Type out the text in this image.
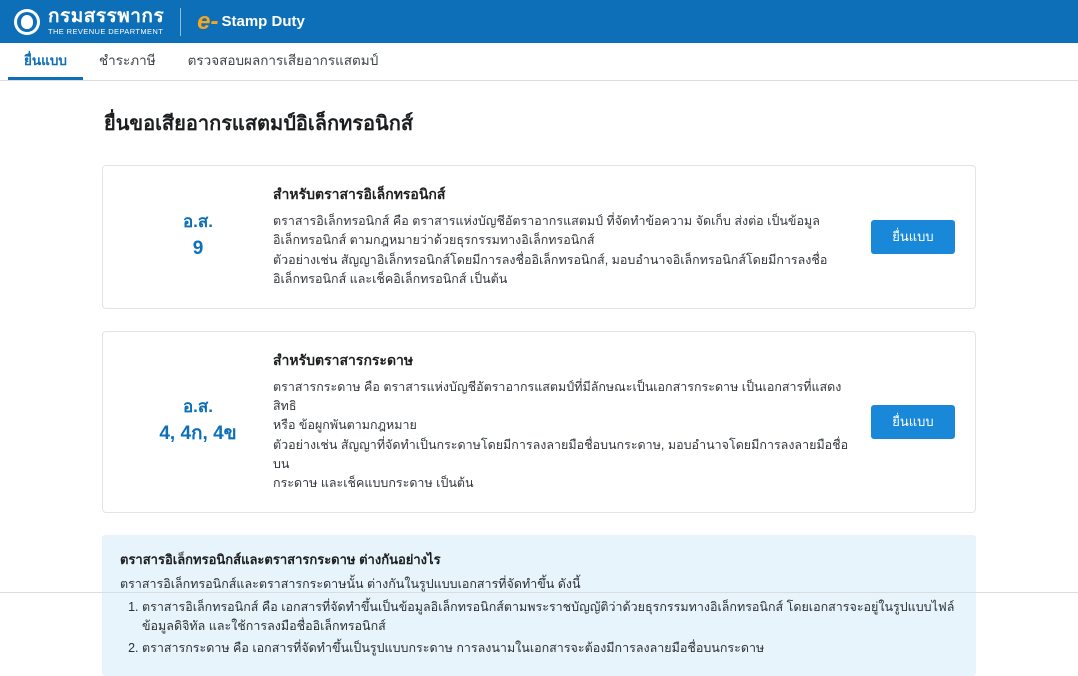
กรมสรรพากร
THE REVENUE DEPARTMENT e- Stamp Duty
ยื่นแบบ ชำระภาษี ตรวจสอบผลการเสียอากรแสตมป์
ยื่นขอเสียอากรแสตมป์อิเล็กทรอนิกส์
อ.ส.
9
สำหรับตราสารอิเล็กทรอนิกส์

ตราสารอิเล็กทรอนิกส์ คือ ตราสารแห่งบัญชีอัตราอากรแสตมป์ ที่จัดทำข้อความ จัดเก็บ ส่งต่อ เป็นข้อมูล

อิเล็กทรอนิกส์ ตามกฎหมายว่าด้วยธุรกรรมทางอิเล็กทรอนิกส์

ตัวอย่างเช่น สัญญาอิเล็กทรอนิกส์โดยมีการลงชื่ออิเล็กทรอนิกส์, มอบอำนาจอิเล็กทรอนิกส์โดยมีการลงชื่อ

อิเล็กทรอนิกส์ และเช็คอิเล็กทรอนิกส์ เป็นต้น

ยื่นแบบ
อ.ส.
4, 4ก, 4ข
สำหรับตราสารกระดาษ

ตราสารกระดาษ คือ ตราสารแห่งบัญชีอัตราอากรแสตมป์ที่มีลักษณะเป็นเอกสารกระดาษ เป็นเอกสารที่แสดงสิทธิ

หรือ ข้อผูกพันตามกฎหมาย

ตัวอย่างเช่น สัญญาที่จัดทำเป็นกระดาษโดยมีการลงลายมือชื่อบนกระดาษ, มอบอำนาจโดยมีการลงลายมือชื่อบน

กระดาษ และเช็คแบบกระดาษ เป็นต้น

ยื่นแบบ
ตราสารอิเล็กทรอนิกส์และตราสารกระดาษ ต่างกันอย่างไร
ตราสารอิเล็กทรอนิกส์และตราสารกระดาษนั้น ต่างกันในรูปแบบเอกสารที่จัดทำขึ้น ดังนี้
1. ตราสารอิเล็กทรอนิกส์ คือ เอกสารที่จัดทำขึ้นเป็นข้อมูลอิเล็กทรอนิกส์ตามพระราชบัญญัติว่าด้วยธุรกรรมทางอิเล็กทรอนิกส์ โดยเอกสารจะอยู่ในรูปแบบไฟล์ข้อมูลดิจิทัล และใช้การลงมือชื่ออิเล็กทรอนิกส์
2. ตราสารกระดาษ คือ เอกสารที่จัดทำขึ้นเป็นรูปแบบกระดาษ การลงนามในเอกสารจะต้องมีการลงลายมือชื่อบนกระดาษ
